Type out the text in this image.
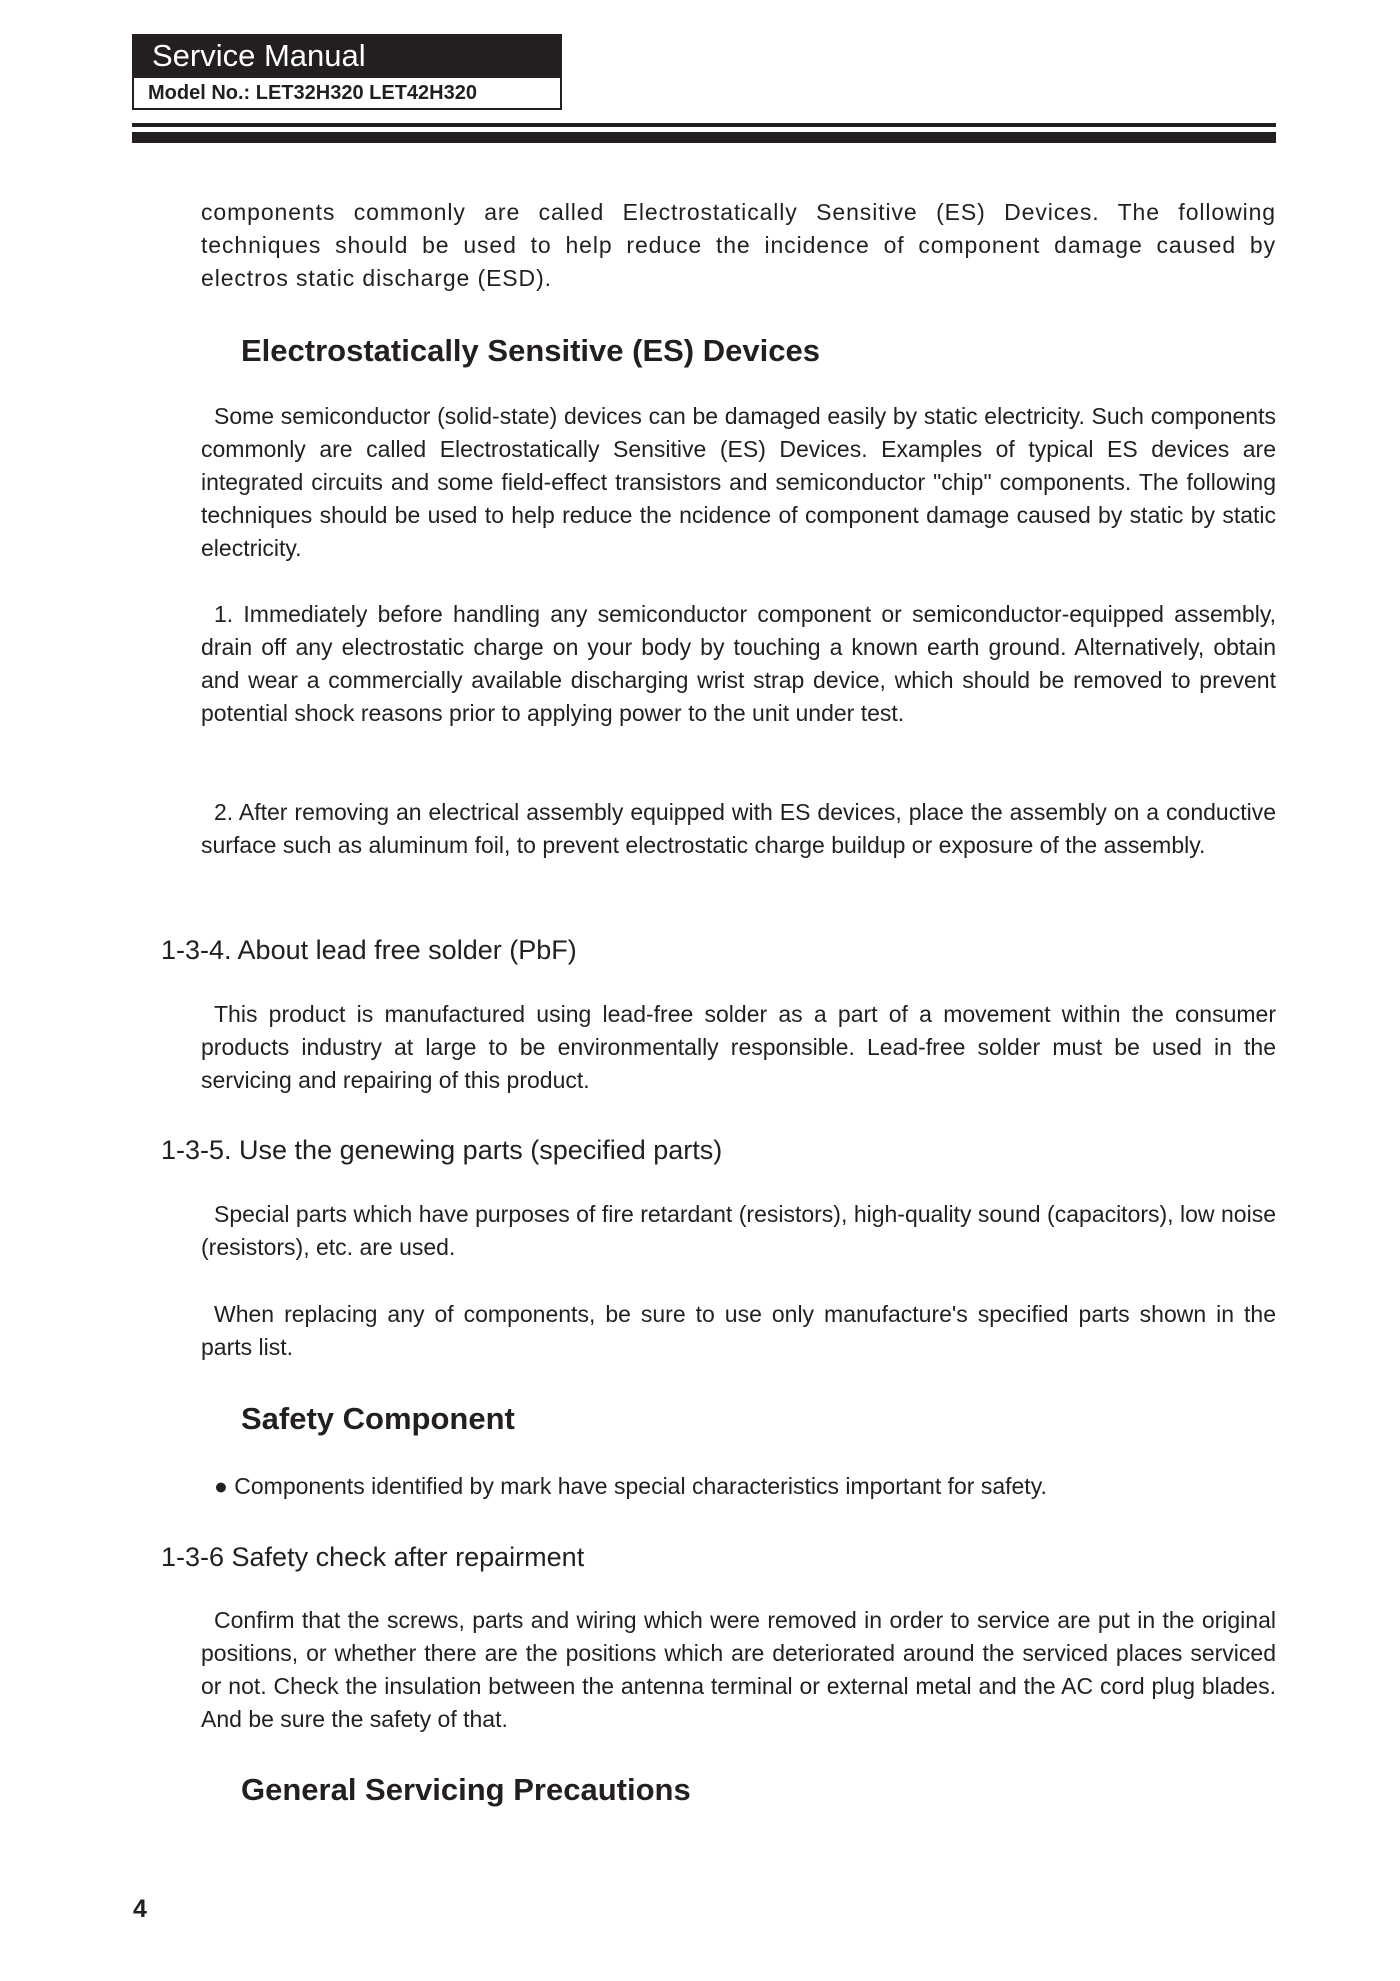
Service Manual
Model No.: LET32H320 LET42H320

components commonly are called Electrostatically Sensitive (ES) Devices. The following techniques should be used to help reduce the incidence of component damage caused by electros static discharge (ESD).

Electrostatically Sensitive (ES) Devices

Some semiconductor (solid-state) devices can be damaged easily by static electricity. Such components commonly are called Electrostatically Sensitive (ES) Devices. Examples of typical ES devices are integrated circuits and some field-effect transistors and semiconductor "chip" components. The following techniques should be used to help reduce the ncidence of component damage caused by static by static electricity.

1. Immediately before handling any semiconductor component or semiconductor-equipped assembly, drain off any electrostatic charge on your body by touching a known earth ground. Alternatively, obtain and wear a commercially available discharging wrist strap device, which should be removed to prevent potential shock reasons prior to applying power to the unit under test.

2. After removing an electrical assembly equipped with ES devices, place the assembly on a conductive surface such as aluminum foil, to prevent electrostatic charge buildup or exposure of the assembly.

1-3-4. About lead free solder (PbF)

This product is manufactured using lead-free solder as a part of a movement within the consumer products industry at large to be environmentally responsible. Lead-free solder must be used in the servicing and repairing of this product.

1-3-5. Use the genewing parts (specified parts)

Special parts which have purposes of fire retardant (resistors), high-quality sound (capacitors), low noise (resistors), etc. are used.

When replacing any of components, be sure to use only manufacture's specified parts shown in the parts list.

Safety Component

● Components identified by mark have special characteristics important for safety.

1-3-6 Safety check after repairment

Confirm that the screws, parts and wiring which were removed in order to service are put in the original positions, or whether there are the positions which are deteriorated around the serviced places serviced or not. Check the insulation between the antenna terminal or external metal and the AC cord plug blades. And be sure the safety of that.

General Servicing Precautions
4
